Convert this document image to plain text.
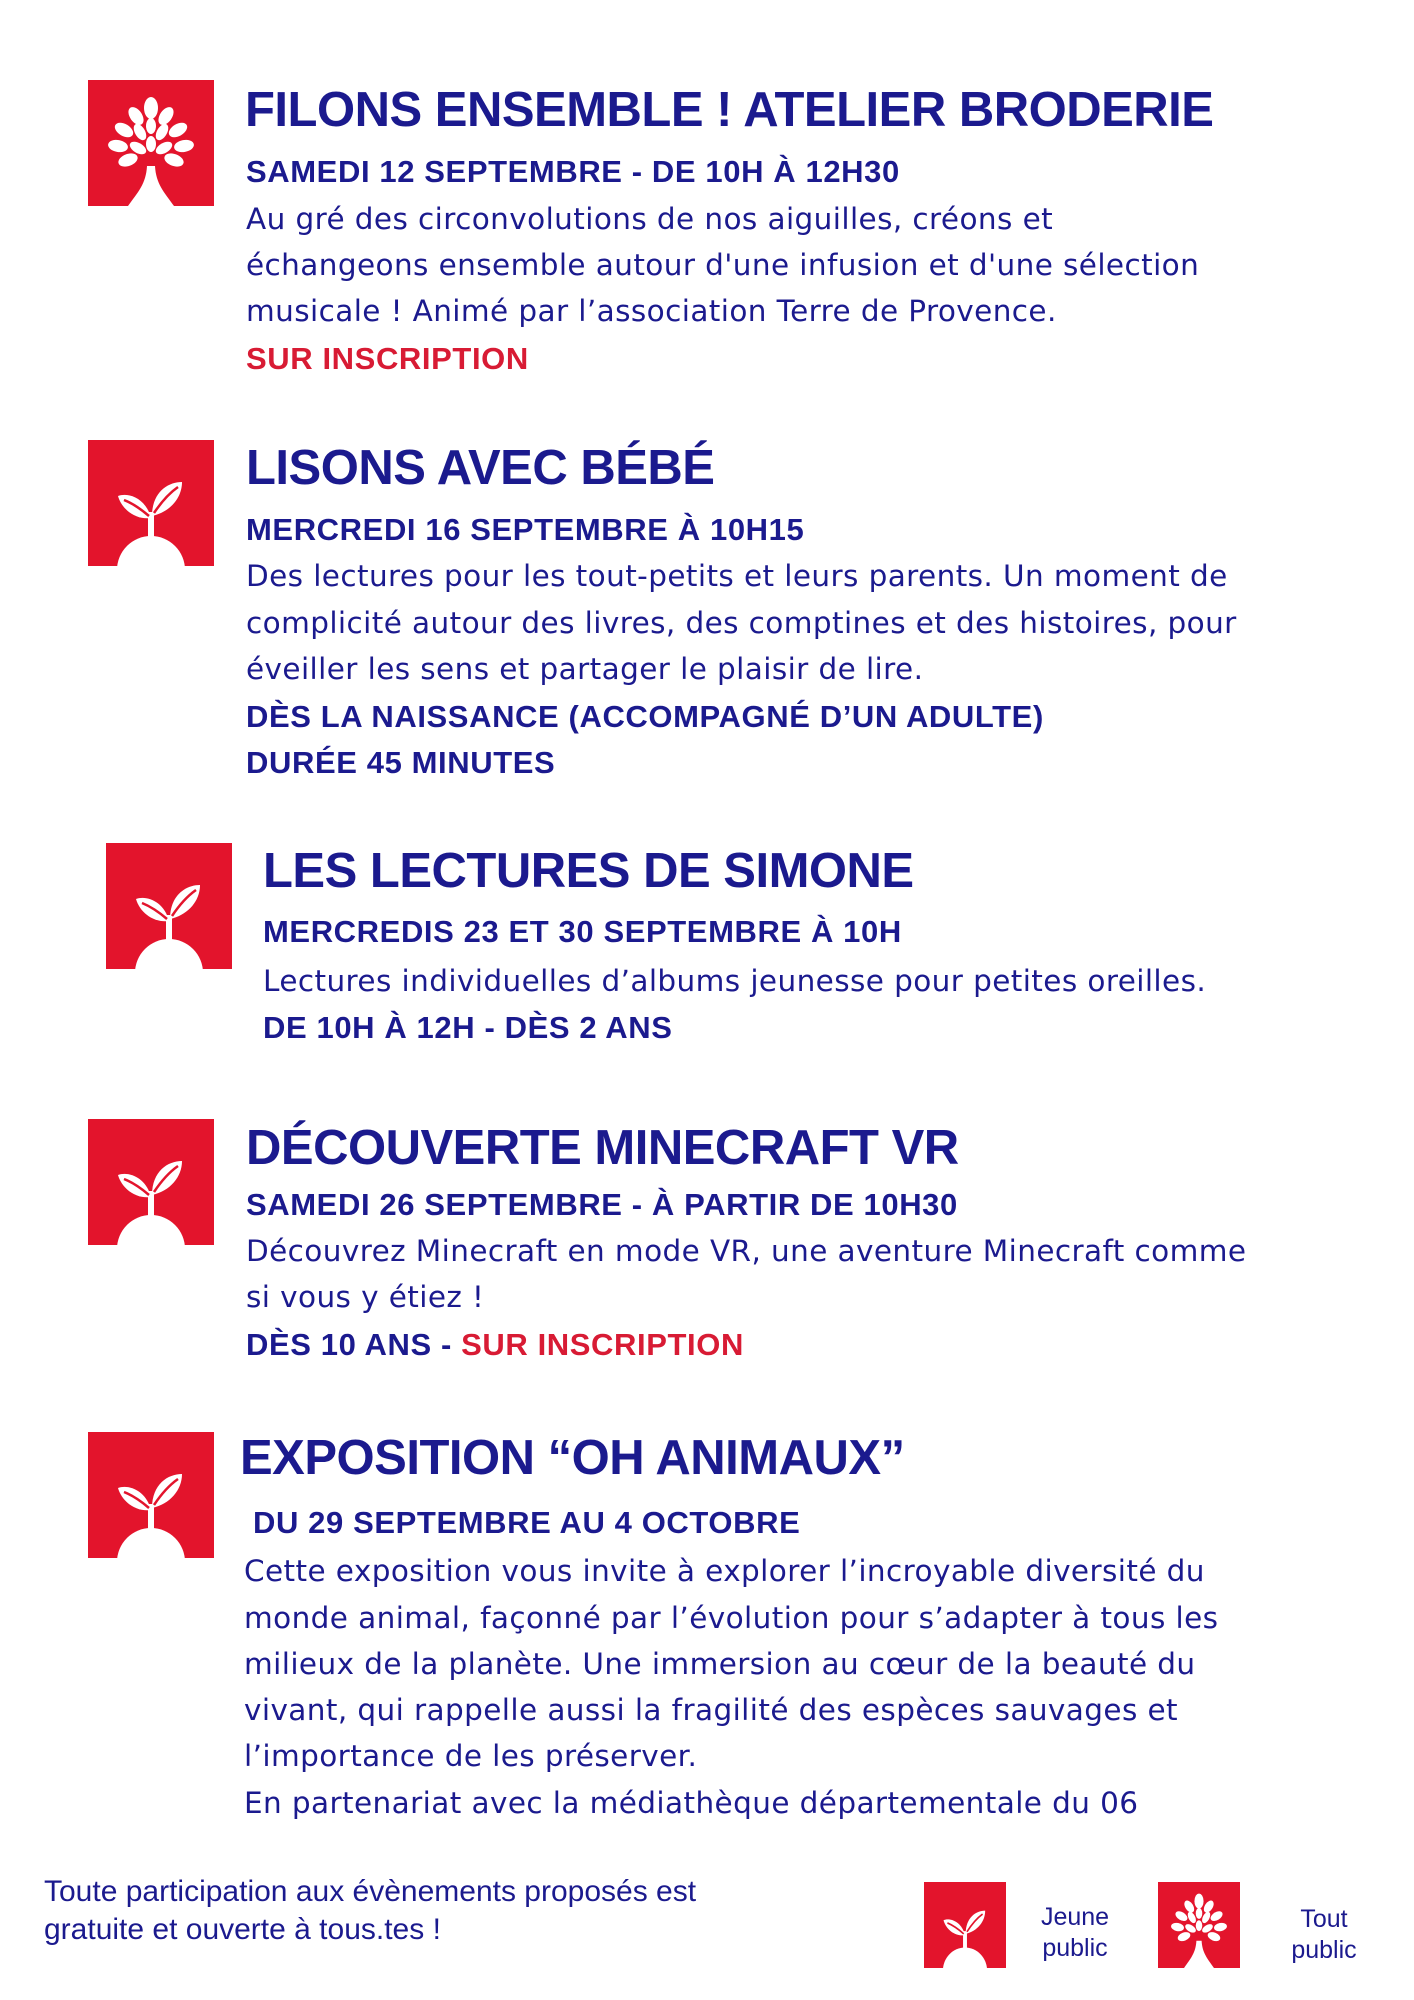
FILONS ENSEMBLE ! ATELIER BRODERIE
SAMEDI 12 SEPTEMBRE - DE 10H À 12H30
Au gré des circonvolutions de nos aiguilles, créons et
échangeons ensemble autour d'une infusion et d'une sélection
musicale ! Animé par l’association Terre de Provence.
SUR INSCRIPTION
LISONS AVEC BÉBÉ
MERCREDI 16 SEPTEMBRE À 10H15
Des lectures pour les tout-petits et leurs parents. Un moment de
complicité autour des livres, des comptines et des histoires, pour
éveiller les sens et partager le plaisir de lire.
DÈS LA NAISSANCE (ACCOMPAGNÉ D’UN ADULTE)
DURÉE 45 MINUTES
LES LECTURES DE SIMONE
MERCREDIS 23 ET 30 SEPTEMBRE À 10H
Lectures individuelles d’albums jeunesse pour petites oreilles.
DE 10H À 12H - DÈS 2 ANS
DÉCOUVERTE MINECRAFT VR
SAMEDI 26 SEPTEMBRE - À PARTIR DE 10H30
Découvrez Minecraft en mode VR, une aventure Minecraft comme
si vous y étiez !
DÈS 10 ANS - SUR INSCRIPTION
EXPOSITION “OH ANIMAUX”
DU 29 SEPTEMBRE AU 4 OCTOBRE
Cette exposition vous invite à explorer l’incroyable diversité du
monde animal, façonné par l’évolution pour s’adapter à tous les
milieux de la planète. Une immersion au cœur de la beauté du
vivant, qui rappelle aussi la fragilité des espèces sauvages et
l’importance de les préserver.
En partenariat avec la médiathèque départementale du 06
Toute participation aux évènements proposés est gratuite et ouverte à tous.tes !	Jeune
public
Tout
public
